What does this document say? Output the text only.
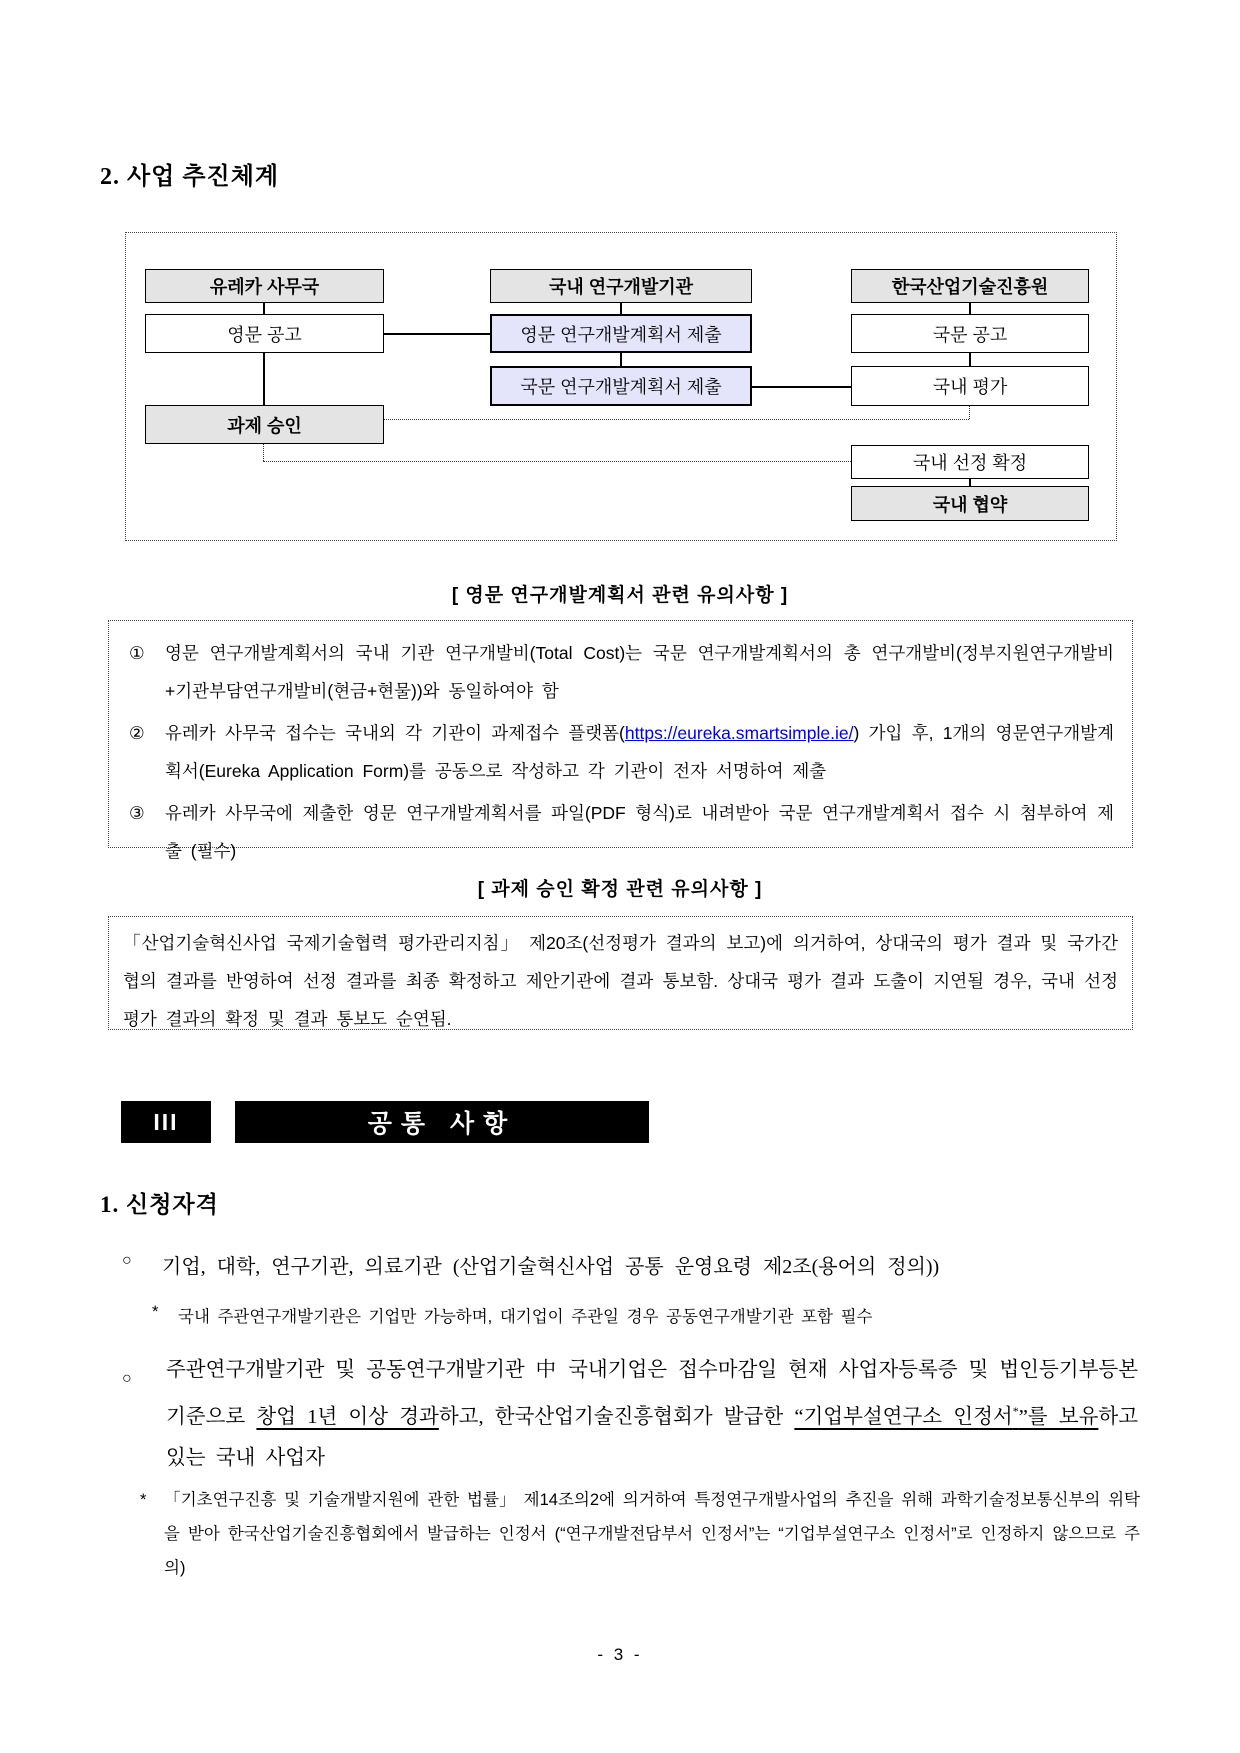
2. 사업 추진체계
유레카 사무국	국내 연구개발기관	한국산업기술진흥원
영문 공고	영문 연구개발계획서 제출	국문 공고
국문 연구개발계획서 제출	국내 평가
과제 승인
국내 선정 확정
국내 협약
[ 영문 연구개발계획서 관련 유의사항 ]
① 영문 연구개발계획서의 국내 기관 연구개발비(Total Cost)는 국문 연구개발계획서의 총 연구개발비(정부지원연구개발비 +기관부담연구개발비(현금+현물))와 동일하여야 함
② 유레카 사무국 접수는 국내외 각 기관이 과제접수 플랫폼(https://eureka.smartsimple.ie/) 가입 후, 1개의 영문연구개발계획서(Eureka Application Form)를 공동으로 작성하고 각 기관이 전자 서명하여 제출
③ 유레카 사무국에 제출한 영문 연구개발계획서를 파일(PDF 형식)로 내려받아 국문 연구개발계획서 접수 시 첨부하여 제출 (필수)
[ 과제 승인 확정 관련 유의사항 ]
「산업기술혁신사업 국제기술협력 평가관리지침」 제20조(선정평가 결과의 보고)에 의거하여, 상대국의 평가 결과 및 국가간 협의 결과를 반영하여 선정 결과를 최종 확정하고 제안기관에 결과 통보함. 상대국 평가 결과 도출이 지연될 경우, 국내 선정평가 결과의 확정 및 결과 통보도 순연됨.
III	공통 사항
1. 신청자격
○ 기업, 대학, 연구기관, 의료기관 (산업기술혁신사업 공통 운영요령 제2조(용어의 정의))
* 국내 주관연구개발기관은 기업만 가능하며, 대기업이 주관일 경우 공동연구개발기관 포함 필수
○ 주관연구개발기관 및 공동연구개발기관 中 국내기업은 접수마감일 현재 사업자등록증 및 법인등기부등본 기준으로 창업 1년 이상 경과하고, 한국산업기술진흥협회가 발급한 “기업부설연구소 인정서*”를 보유하고 있는 국내 사업자
* 「기초연구진흥 및 기술개발지원에 관한 법률」 제14조의2에 의거하여 특정연구개발사업의 추진을 위해 과학기술정보통신부의 위탁을 받아 한국산업기술진흥협회에서 발급하는 인정서 (“연구개발전담부서 인정서”는 “기업부설연구소 인정서”로 인정하지 않으므로 주의)
- 3 -
